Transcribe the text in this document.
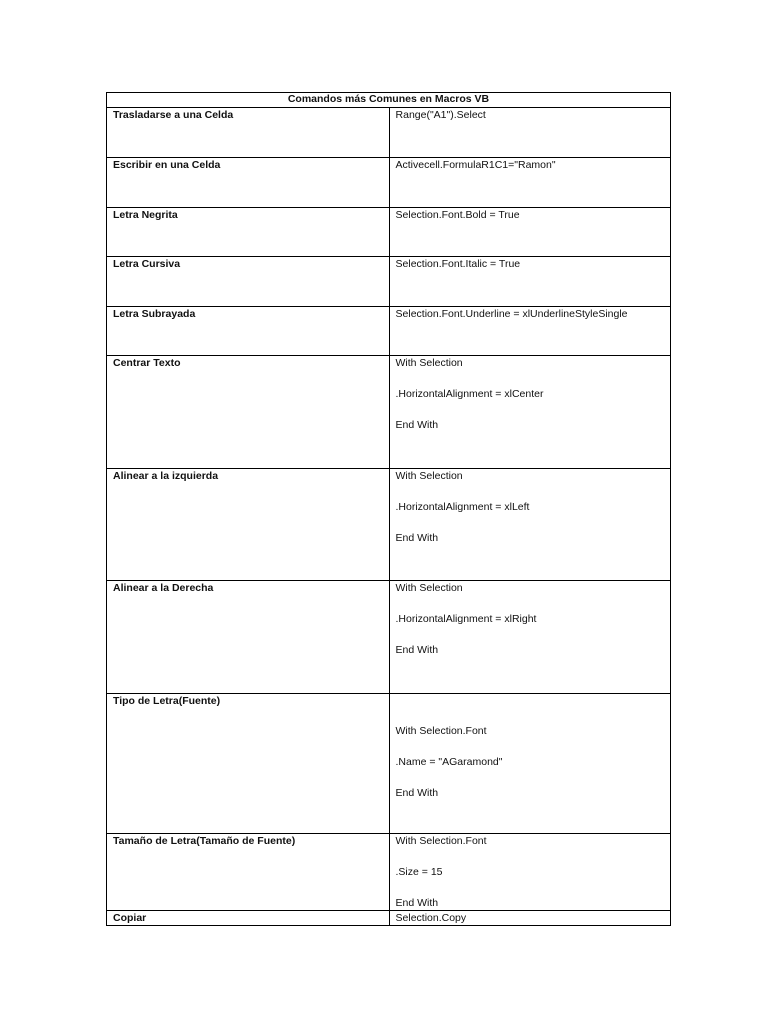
Comandos más Comunes en Macros VB	
Trasladarse a una Celda	Range("A1").Select

Escribir en una Celda	Activecell.FormulaR1C1="Ramon"

Letra Negrita	Selection.Font.Bold = True

Letra Cursiva	Selection.Font.Italic = True

Letra Subrayada	Selection.Font.Underline = xlUnderlineStyleSingle

Centrar Texto	With Selection
.HorizontalAlignment = xlCenter
End With

Alinear a la izquierda	With Selection
.HorizontalAlignment = xlLeft
End With

Alinear a la Derecha	With Selection
.HorizontalAlignment = xlRight
End With

Tipo de Letra(Fuente)	With Selection.Font
.Name = "AGaramond"
End With

Tamaño de Letra(Tamaño de Fuente)	With Selection.Font
.Size = 15
End With

Copiar	Selection.Copy
